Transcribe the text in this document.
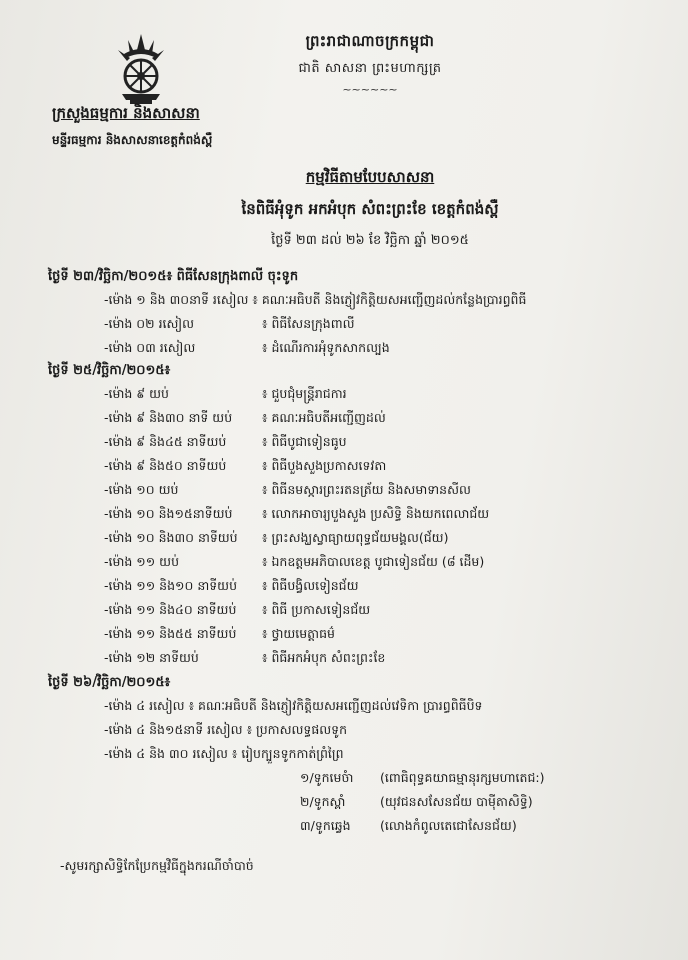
ព្រះរាជាណាចក្រកម្ពុជា
ជាតិ សាសនា ព្រះមហាក្សត្រ
~~~~~~
ក្រសួងធម្មការ និងសាសនា
មន្ទីរធម្មការ និងសាសនាខេត្តកំពង់ស្ពឺ
កម្មវិធីតាមបែបសាសនា
នៃពិធីអុំទូក អកអំបុក សំពះព្រះខែ ខេត្តកំពង់ស្ពឺ
ថ្ងៃទី ២៣ ដល់ ២៦ ខែ វិច្ឆិកា ឆ្នាំ ២០១៥
ថ្ងៃទី ២៣/វិច្ឆិកា/២០១៥៖ ពិធីសែនក្រុងពាលី ចុះទូក
-ម៉ោង ១ និង ៣០នាទី រសៀល ៖ គណៈអធិបតី និងភ្ញៀវកិត្តិយសអញ្ជើញដល់កន្លែងប្រារព្ធពិធី
-ម៉ោង ០២ រសៀល	៖ ពិធីសែនក្រុងពាលី
-ម៉ោង ០៣ រសៀល	៖ ដំណើរការអុំទូកសាកល្បង
ថ្ងៃទី ២៥/វិច្ឆិកា/២០១៥៖
-ម៉ោង ៩ យប់	៖ ជួបជុំមន្ត្រីរាជការ
-ម៉ោង ៩ និង៣០ នាទី យប់ ៖ គណៈអធិបតីអញ្ជើញដល់
-ម៉ោង ៩ និង៤៥ នាទីយប់	៖ ពិធីបូជាទៀនធូប
-ម៉ោង ៩ និង៥០ នាទីយប់	៖ ពិធីបួងសួងប្រកាសទេវតា
-ម៉ោង ១០ យប់	៖ ពិធីនមស្ការព្រះរតនត្រ័យ និងសមាទានសីល
-ម៉ោង ១០ និង១៥នាទីយប់ ៖ លោកអាចារ្យបួងសួង ប្រសិទ្ធិ និងយកពេលាជ័យ
-ម៉ោង ១០ និង៣០ នាទីយប់ ៖ ព្រះសង្ឃស្វាធ្យាយពុទ្ធជ័យមង្គល(ជ័យ)
-ម៉ោង ១១ យប់	៖ ឯកឧត្តមអភិបាលខេត្ត បូជាទៀនជ័យ (៨ ដើម)
-ម៉ោង ១១ និង១០ នាទីយប់ ៖ ពិធីបង្វិលទៀនជ័យ
-ម៉ោង ១១ និង៤០ នាទីយប់ ៖ ពិធី ប្រកាសទៀនជ័យ
-ម៉ោង ១១ និង៥៥ នាទីយប់ ៖ ថ្វាយមេត្តាធម៌
-ម៉ោង ១២ នាទីយប់	៖ ពិធីអកអំបុក សំពះព្រះខែ
ថ្ងៃទី ២៦/វិច្ឆិកា/២០១៥៖
-ម៉ោង ៤ រសៀល ៖ គណៈអធិបតី និងភ្ញៀវកិត្តិយសអញ្ជើញដល់វេទិកា ប្រារព្ធពិធីបិទ
-ម៉ោង ៤ និង១៥នាទី រសៀល ៖ ប្រកាសលទ្ធផលទូក
-ម៉ោង ៤ និង ៣០ រសៀល ៖ រៀបក្បួនទូកកាត់ព្រំព្រៃ
១/ទូកមេចំា (ពោធិពុទ្ធគយាធម្មានុរក្សមហាតេជ:)
២/ទូកស្ពាំ	(យុវជនសសែនជ័យ បាម៉ីតាសិទ្ធិ)
៣/ទូកឆ្វេង (លោងកំពូលតេជោសែនជ័យ)
-សូមរក្សាសិទ្ធិកែប្រែកម្មវិធីក្នុងករណីចាំបាច់
